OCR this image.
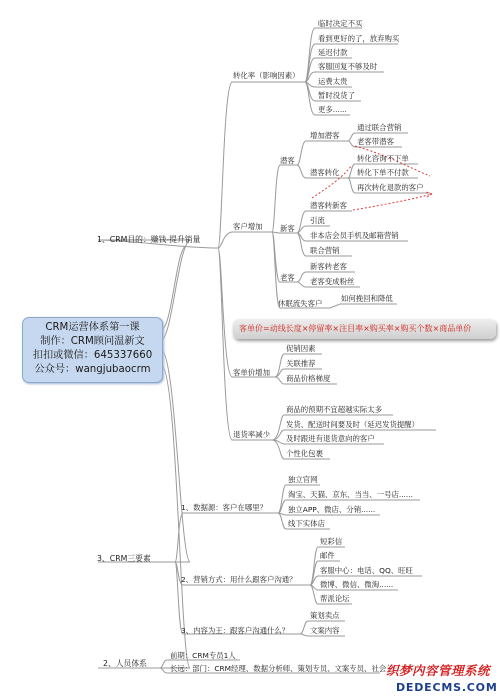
CRM运营体系第一课
制作：CRM顾问温新文
扣扣或微信：645337660
公众号：wangjubaocrm
1、CRM目的：赚钱-提升销量
3、CRM三要素
2、人员体系
转化率（影响因素）
临时决定不买
看到更好的了，放弃购买
延迟付款
客服回复不够及时
运费太贵
暂时没货了
更多......
客户增加
潜客
增加潜客
通过联合营销
老客带潜客
潜客转化
转化咨询不下单
转化下单不付款
再次转化退款的客户
新客
潜客转新客
引流
非本店会员手机及邮箱营销
联合营销
老客
新客转老客
老客变成粉丝
休眠流失客户
如何挽回和降低
客单价=动线长度×停留率×注目率×购买率×购买个数×商品单价
客单价增加
促销因素
关联推荐
商品价格梯度
退货率减少
商品的预期不宜超越实际太多
发货、配送时间要及时（延迟发货提醒）
及时跟进有退货意向的客户
个性化包裹
1、数据源：客户在哪里？
独立官网
淘宝、天猫、京东、当当、一号店......
独立APP、微店、分销......
线下实体店
2、营销方式：用什么跟客户沟通？
短彩信
邮件
客服中心：电话、QQ、旺旺
微博、微信、微淘......
帮派论坛
3、内容为王：跟客户沟通什么？
策划卖点
文案内容
前期：CRM专员1人
长远：部门：CRM经理、数据分析师、策划专员、文案专员、社会化媒体专员
织梦内容管理系统
DEDECMS.COM
